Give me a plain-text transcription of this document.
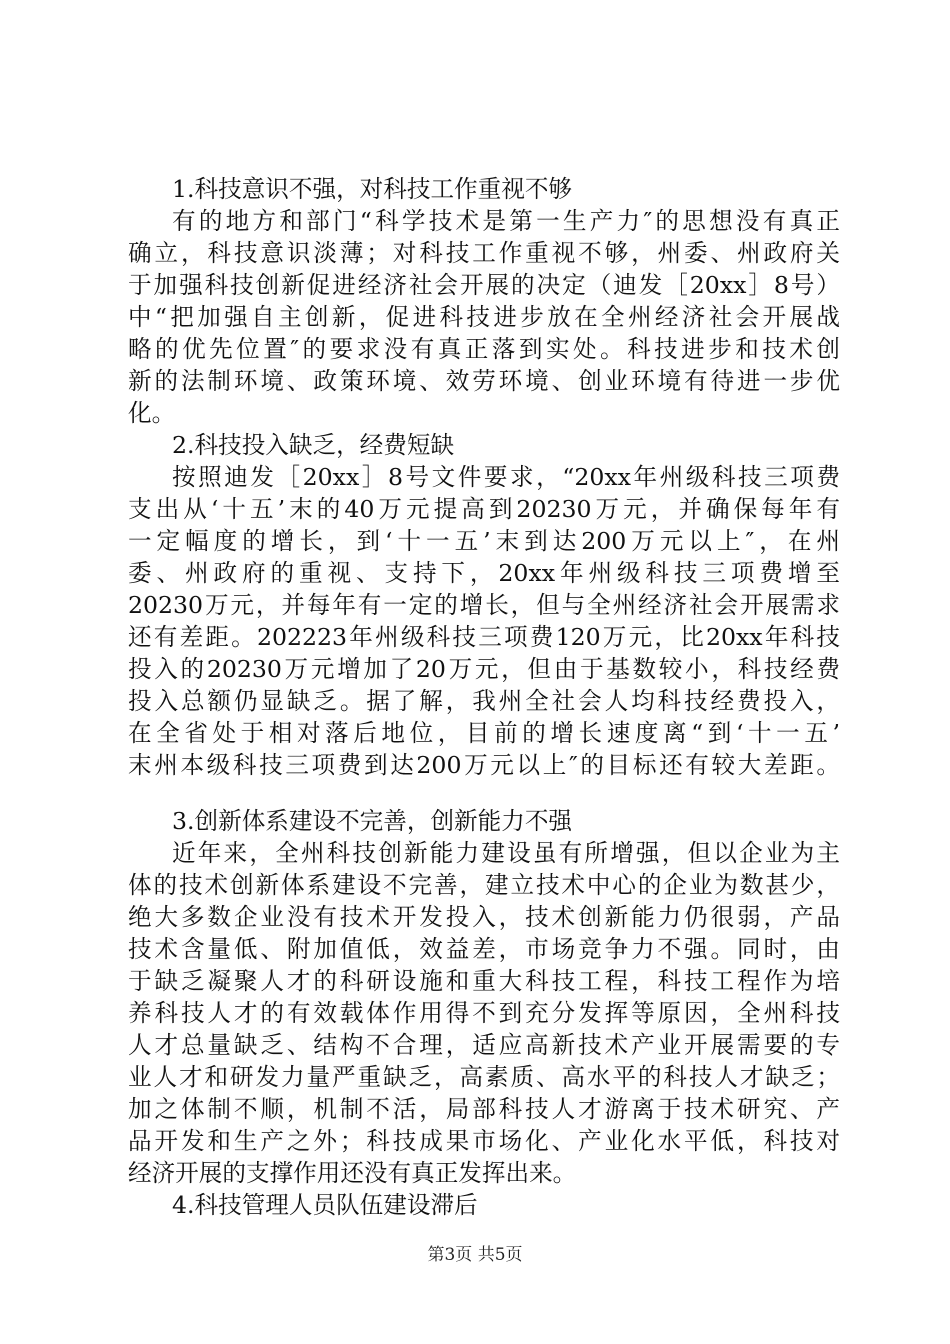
1.科技意识不强，对科技工作重视不够
有的地方和部门“科学技术是第一生产力″的思想没有真正
确立，科技意识淡薄；对科技工作重视不够，州委、州政府关
于加强科技创新促进经济社会开展的决定（迪发［20xx］8号）
中“把加强自主创新，促进科技进步放在全州经济社会开展战
略的优先位置″的要求没有真正落到实处。科技进步和技术创
新的法制环境、政策环境、效劳环境、创业环境有待进一步优
化。
2.科技投入缺乏，经费短缺
按照迪发［20xx］8号文件要求，“20xx年州级科技三项费
支出从‘十五’末的40万元提高到20230万元，并确保每年有
一定幅度的增长，到‘十一五’末到达200万元以上″，在州
委、州政府的重视、支持下，20xx年州级科技三项费增至
20230万元，并每年有一定的增长，但与全州经济社会开展需求
还有差距。202223年州级科技三项费120万元，比20xx年科技
投入的20230万元增加了20万元，但由于基数较小，科技经费
投入总额仍显缺乏。据了解，我州全社会人均科技经费投入，
在全省处于相对落后地位，目前的增长速度离“到‘十一五’
末州本级科技三项费到达200万元以上″的目标还有较大差距。
3.创新体系建设不完善，创新能力不强
近年来，全州科技创新能力建设虽有所增强，但以企业为主
体的技术创新体系建设不完善，建立技术中心的企业为数甚少，
绝大多数企业没有技术开发投入，技术创新能力仍很弱，产品
技术含量低、附加值低，效益差，市场竞争力不强。同时，由
于缺乏凝聚人才的科研设施和重大科技工程，科技工程作为培
养科技人才的有效载体作用得不到充分发挥等原因，全州科技
人才总量缺乏、结构不合理，适应高新技术产业开展需要的专
业人才和研发力量严重缺乏，高素质、高水平的科技人才缺乏；
加之体制不顺，机制不活，局部科技人才游离于技术研究、产
品开发和生产之外；科技成果市场化、产业化水平低，科技对
经济开展的支撑作用还没有真正发挥出来。
4.科技管理人员队伍建设滞后
第3页 共5页
